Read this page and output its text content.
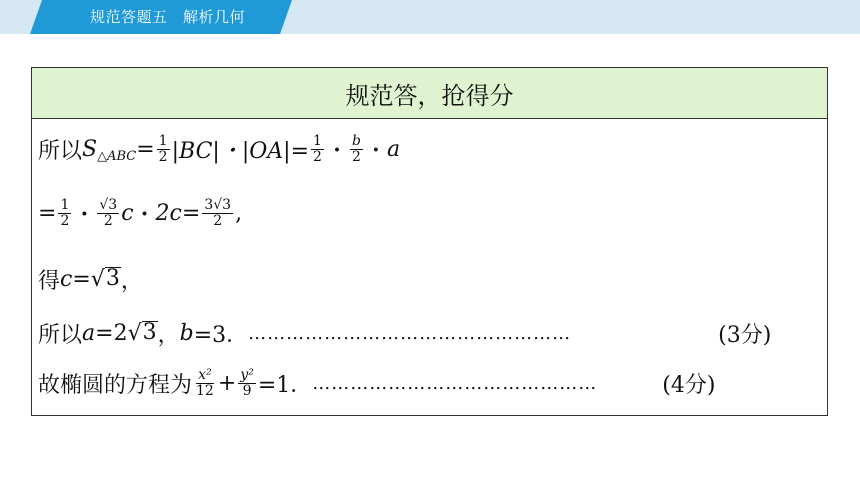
规范答题五　解析几何
规范答，抢得分
所以 S △ABC = $\frac{1}{2} |BC|$・$|OA|= \frac{1}{2}$ ・ $\frac{b}{2}$ ・ a
= $\frac{1}{2}$ ・ $\frac{√3}{2}$ c ・ $2c= \frac{3√3}{2}$ ,
得 c = √ 3 ，
所以 a =2 √ 3 ， b =3． ……………………………………………	(3分)
故椭圆的方程为 $\frac{\text{x²}}{12} + \frac{\text{y²}}{9} =1$． ………………………………………	(4分)
